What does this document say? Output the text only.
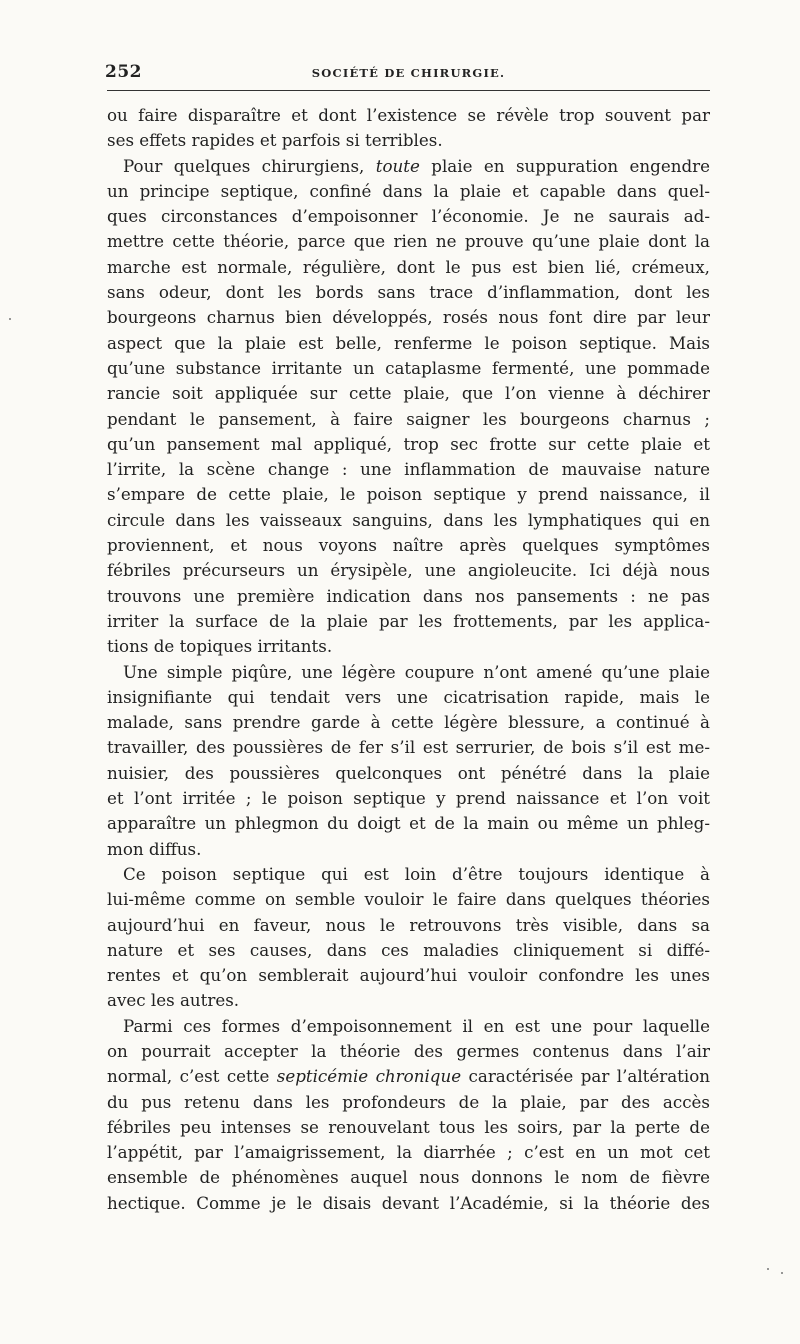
252	SOCIÉTÉ DE CHIRURGIE.
ou faire disparaître et dont l’existence se révèle trop souvent par
ses effets rapides et parfois si terribles.
Pour quelques chirurgiens, toute plaie en suppuration engendre
un principe septique, confiné dans la plaie et capable dans quel-
ques circonstances d’empoisonner l’économie. Je ne saurais ad-
mettre cette théorie, parce que rien ne prouve qu’une plaie dont la
marche est normale, régulière, dont le pus est bien lié, crémeux,
sans odeur, dont les bords sans trace d’inflammation, dont les
bourgeons charnus bien développés, rosés nous font dire par leur
aspect que la plaie est belle, renferme le poison septique. Mais
qu’une substance irritante un cataplasme fermenté, une pommade
rancie soit appliquée sur cette plaie, que l’on vienne à déchirer
pendant le pansement, à faire saigner les bourgeons charnus ;
qu’un pansement mal appliqué, trop sec frotte sur cette plaie et
l’irrite, la scène change : une inflammation de mauvaise nature
s’empare de cette plaie, le poison septique y prend naissance, il
circule dans les vaisseaux sanguins, dans les lymphatiques qui en
proviennent, et nous voyons naître après quelques symptômes
fébriles précurseurs un érysipèle, une angioleucite. Ici déjà nous
trouvons une première indication dans nos pansements : ne pas
irriter la surface de la plaie par les frottements, par les applica-
tions de topiques irritants.
Une simple piqûre, une légère coupure n’ont amené qu’une plaie
insignifiante qui tendait vers une cicatrisation rapide, mais le
malade, sans prendre garde à cette légère blessure, a continué à
travailler, des poussières de fer s’il est serrurier, de bois s’il est me-
nuisier, des poussières quelconques ont pénétré dans la plaie
et l’ont irritée ; le poison septique y prend naissance et l’on voit
apparaître un phlegmon du doigt et de la main ou même un phleg-
mon diffus.
Ce poison septique qui est loin d’être toujours identique à
lui-même comme on semble vouloir le faire dans quelques théories
aujourd’hui en faveur, nous le retrouvons très visible, dans sa
nature et ses causes, dans ces maladies cliniquement si diffé-
rentes et qu’on semblerait aujourd’hui vouloir confondre les unes
avec les autres.
Parmi ces formes d’empoisonnement il en est une pour laquelle
on pourrait accepter la théorie des germes contenus dans l’air
normal, c’est cette septicémie chronique caractérisée par l’altération
du pus retenu dans les profondeurs de la plaie, par des accès
fébriles peu intenses se renouvelant tous les soirs, par la perte de
l’appétit, par l’amaigrissement, la diarrhée ; c’est en un mot cet
ensemble de phénomènes auquel nous donnons le nom de fièvre
hectique. Comme je le disais devant l’Académie, si la théorie des
